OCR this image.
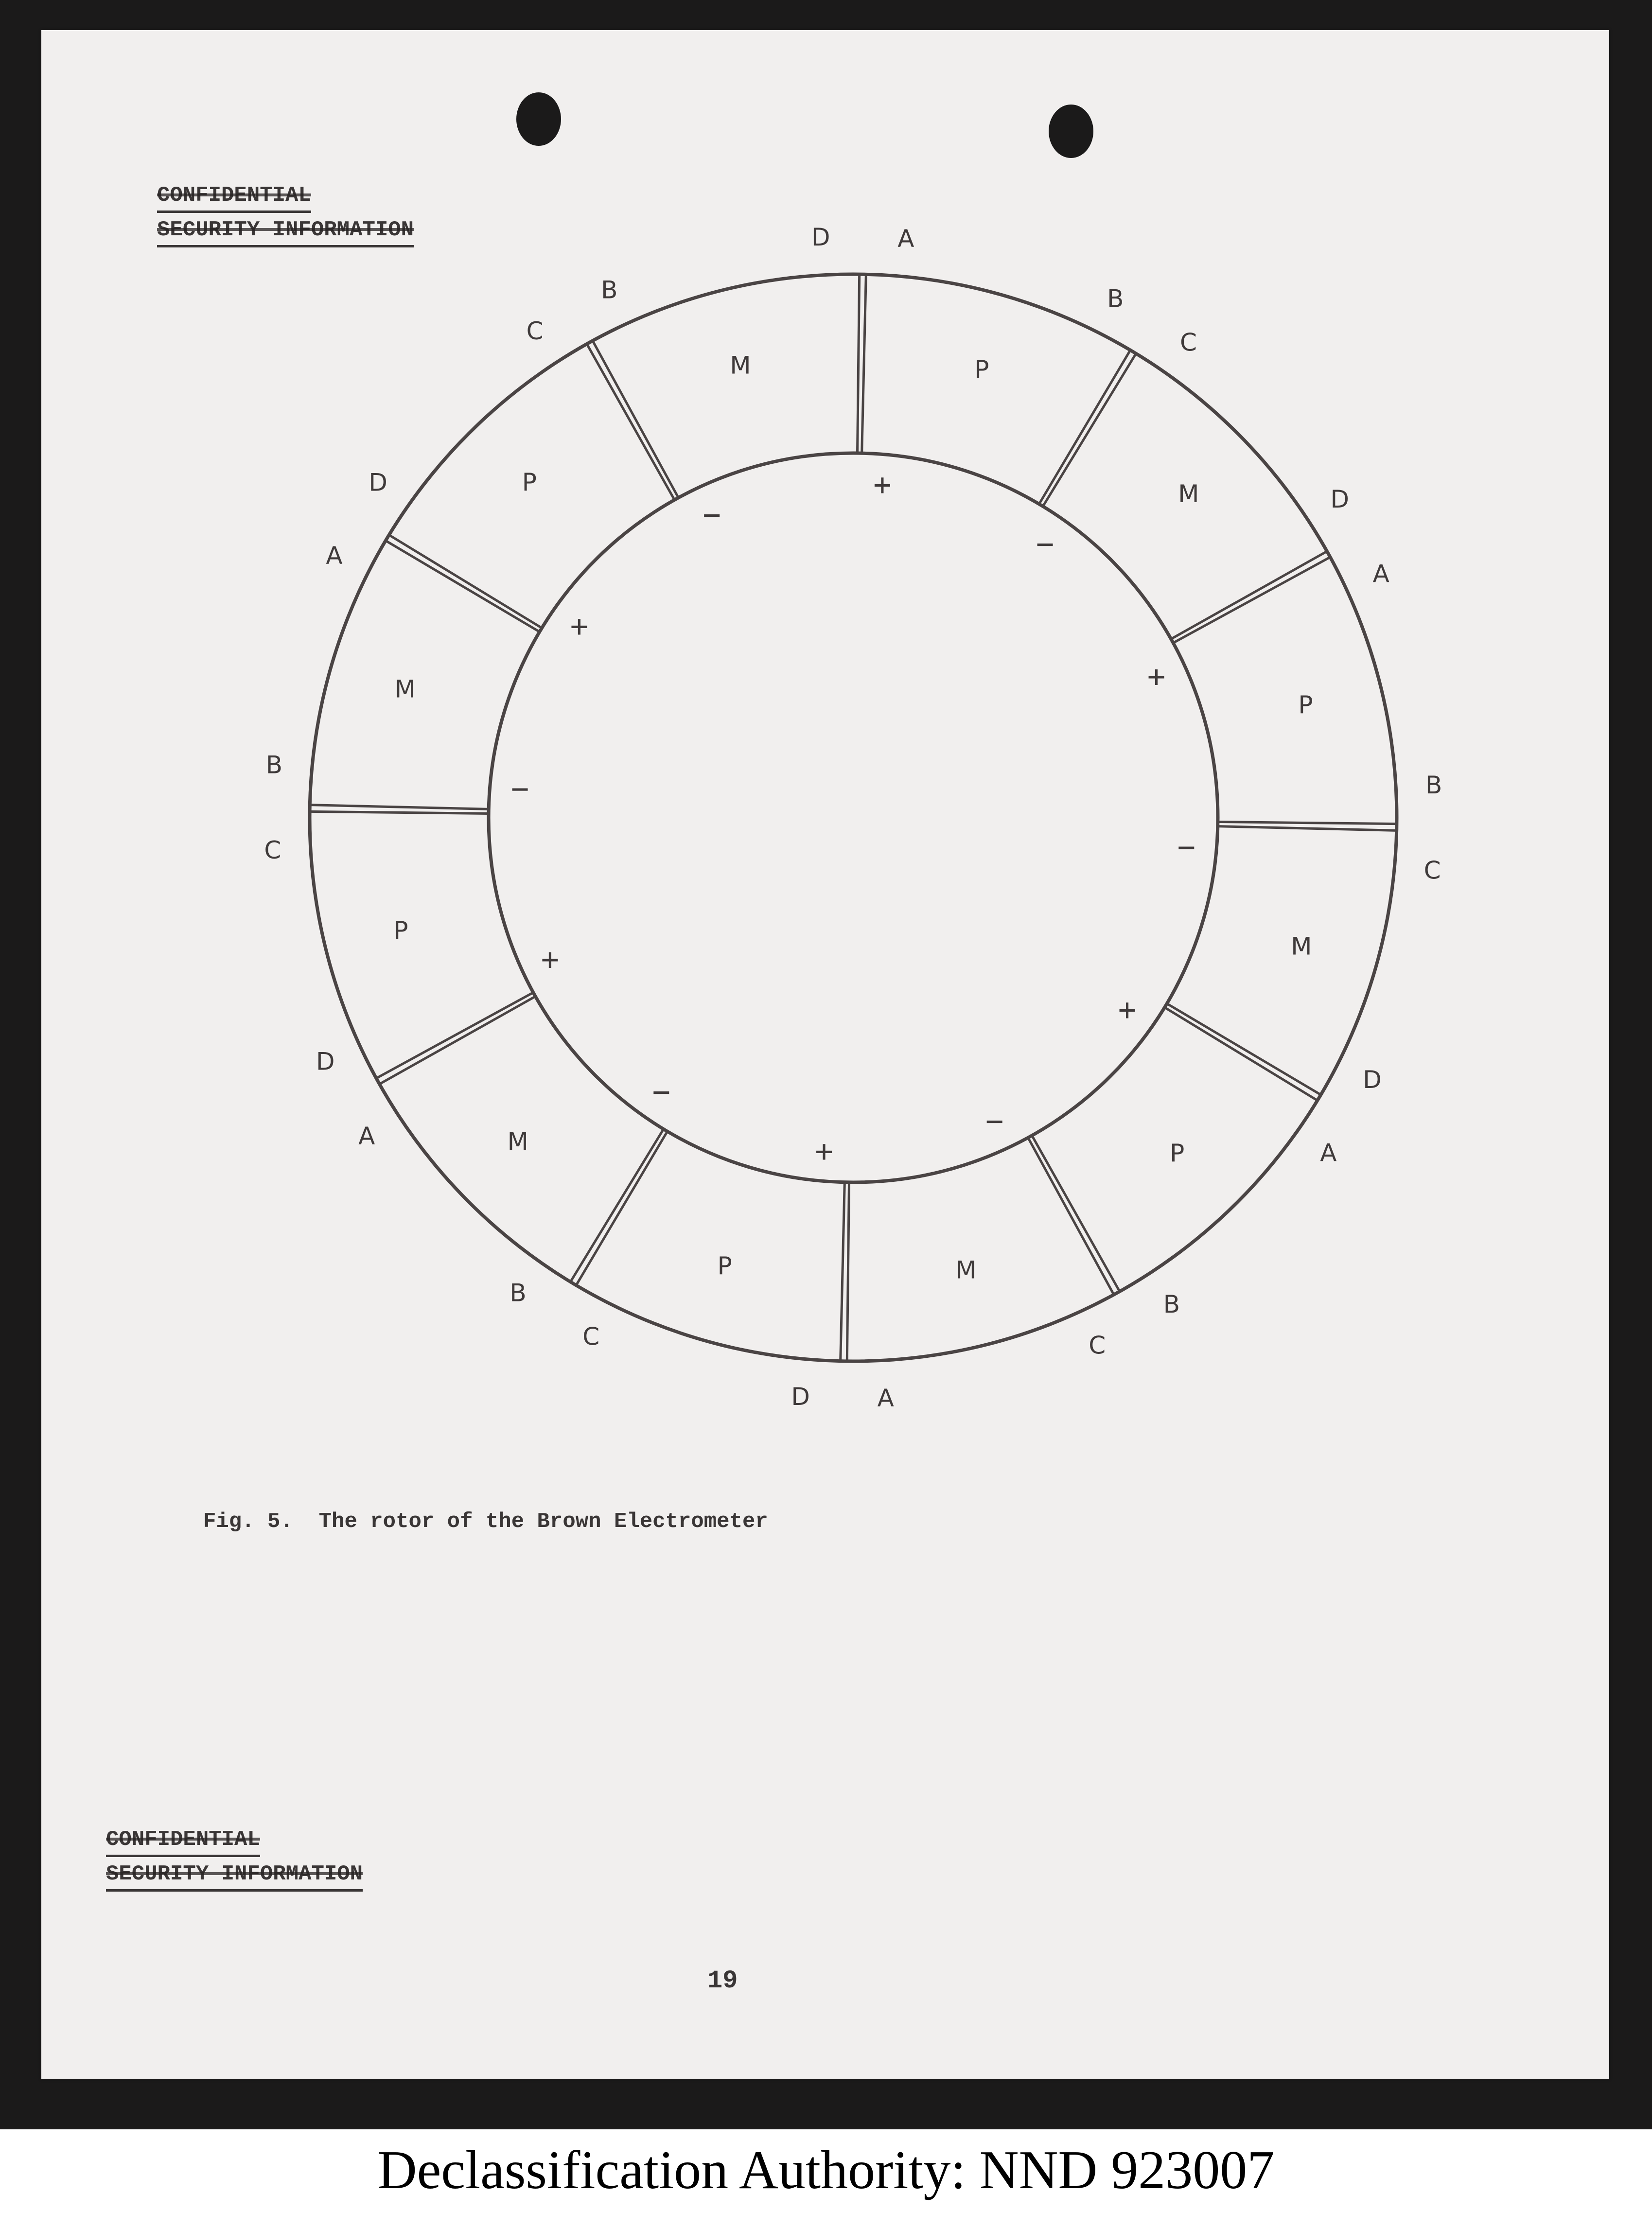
CONFIDENTIAL
SECURITY INFORMATION
P
M
P
M
P
M
P
M
P
M
P
M
+
−
+
−
+
−
+
−
+
−
+
−
D	A
B
C
D
A
B
C
D
A
B
C
A
D
C
B
A
D
C
B
A
D
C
B
Fig. 5.  The rotor of the Brown Electrometer
CONFIDENTIAL
SECURITY INFORMATION
19
Declassification Authority: NND 923007
